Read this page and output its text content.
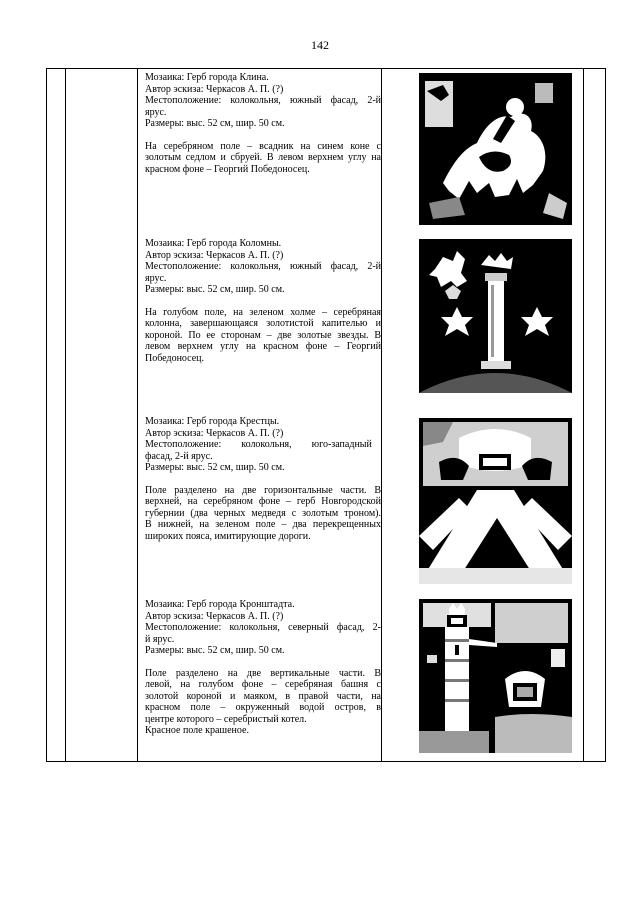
142

Мозаика: Герб города Клина.

Автор эскиза: Черкасов А. П. (?)

Местоположение: колокольня, южный фасад, 2-й

ярус.

Размеры: выс. 52 см, шир. 50 см.

На серебряном поле – всадник на синем коне с

золотым седлом и сбруей. В левом верхнем углу на

красном фоне – Георгий Победоносец.

Мозаика: Герб города Коломны.

Автор эскиза: Черкасов А. П. (?)

Местоположение: колокольня, южный фасад, 2-й

ярус.

Размеры: выс. 52 см, шир. 50 см.

На голубом поле, на зеленом холме – серебряная

колонна, завершающаяся золотистой капителью и

короной. По ее сторонам – две золотые звезды. В

левом верхнем углу на красном фоне – Георгий

Победоносец.

Мозаика: Герб города Крестцы.

Автор эскиза: Черкасов А. П. (?)

Местоположение:        колокольня,        юго-западный

фасад, 2-й ярус.

Размеры: выс. 52 см, шир. 50 см.

Поле разделено на две горизонтальные части. В

верхней, на серебряном фоне – герб Новгородской

губернии (два черных медведя с золотым троном).

В нижней, на зеленом поле – два перекрещенных

широких пояса, имитирующие дороги.

Мозаика: Герб города Кронштадта.

Автор эскиза: Черкасов А. П. (?)

Местоположение: колокольня, северный фасад, 2-

й ярус.

Размеры: выс. 52 см, шир. 50 см.

Поле разделено на две вертикальные части. В

левой, на голубом фоне – серебряная башня с

золотой короной и маяком, в правой части, на

красном поле – окруженный водой остров, в

центре которого – серебристый котел.

Красное поле крашеное.
